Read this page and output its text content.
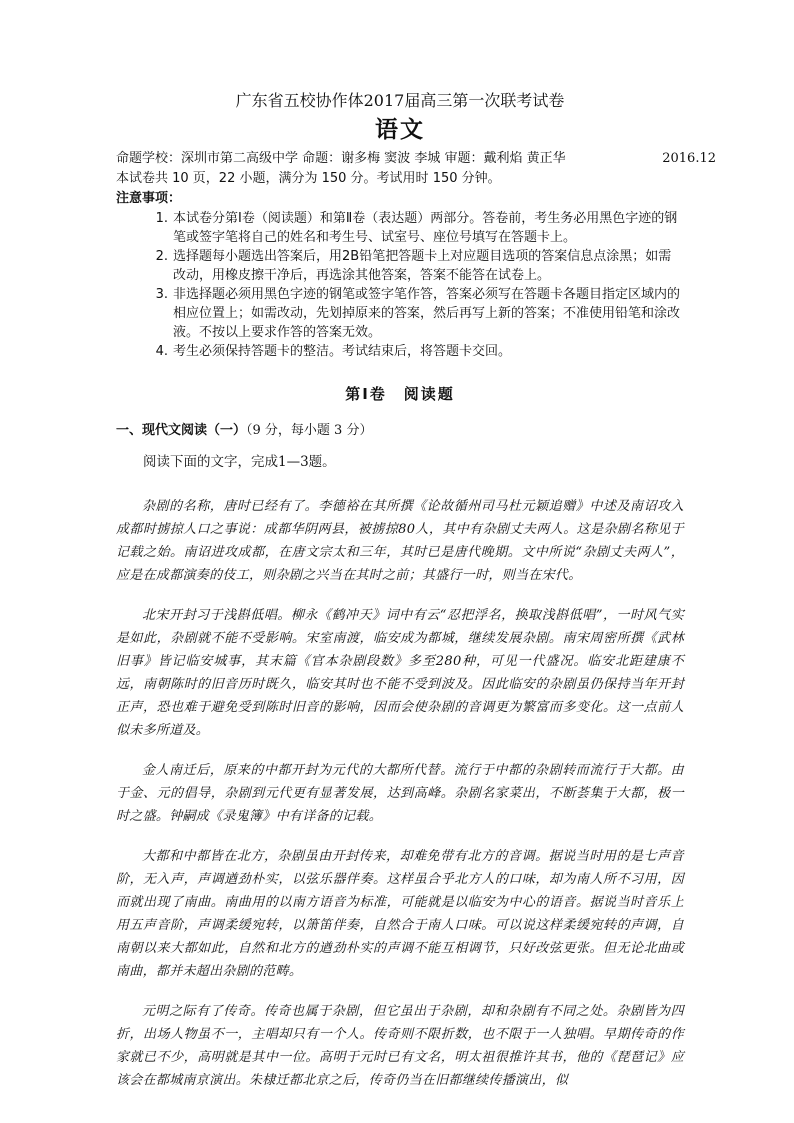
广东省五校协作体2017届高三第一次联考试卷

语文

命题学校：深圳市第二高级中学 命题：谢多梅 窦波 李城 审题：戴利焰 黄正华	2016.12

本试卷共 10 页，22 小题，满分为 150 分。考试用时 150 分钟。

注意事项：

1. 本试卷分第Ⅰ卷（阅读题）和第Ⅱ卷（表达题）两部分。答卷前，考生务必用黑色字迹的钢笔或签字笔将自己的姓名和考生号、试室号、座位号填写在答题卡上。
2. 选择题每小题选出答案后，用2B铅笔把答题卡上对应题目选项的答案信息点涂黑；如需改动，用橡皮擦干净后，再选涂其他答案，答案不能答在试卷上。
3. 非选择题必须用黑色字迹的钢笔或签字笔作答，答案必须写在答题卡各题目指定区域内的相应位置上；如需改动，先划掉原来的答案，然后再写上新的答案；不准使用铅笔和涂改液。不按以上要求作答的答案无效。
4. 考生必须保持答题卡的整洁。考试结束后，将答题卡交回。

第Ⅰ卷　阅读题

一、现代文阅读（一）（9 分，每小题 3 分）

阅读下面的文字，完成1—3题。

杂剧的名称，唐时已经有了。李德裕在其所撰《论故循州司马杜元颖追赠》中述及南诏攻入成都时掳掠人口之事说：成都华阴两县，被掳掠80人，其中有杂剧丈夫两人。这是杂剧名称见于记载之始。南诏进攻成都，在唐文宗太和三年，其时已是唐代晚期。文中所说“杂剧丈夫两人”，应是在成都演奏的伎工，则杂剧之兴当在其时之前；其盛行一时，则当在宋代。

北宋开封习于浅斟低唱。柳永《鹤冲天》词中有云“忍把浮名，换取浅斟低唱”，一时风气实是如此，杂剧就不能不受影响。宋室南渡，临安成为都城，继续发展杂剧。南宋周密所撰《武林旧事》皆记临安城事，其末篇《官本杂剧段数》多至280种，可见一代盛况。临安北距建康不远，南朝陈时的旧音历时既久，临安其时也不能不受到波及。因此临安的杂剧虽仍保持当年开封正声，恐也难于避免受到陈时旧音的影响，因而会使杂剧的音调更为繁富而多变化。这一点前人似未多所道及。

金人南迁后，原来的中都开封为元代的大都所代替。流行于中都的杂剧转而流行于大都。由于金、元的倡导，杂剧到元代更有显著发展，达到高峰。杂剧名家菜出，不断荟集于大都，极一时之盛。钟嗣成《录鬼簿》中有详备的记载。

大都和中都皆在北方，杂剧虽由开封传来，却难免带有北方的音调。据说当时用的是七声音阶，无入声，声调遒劲朴实，以弦乐器伴奏。这样虽合乎北方人的口味，却为南人所不习用，因而就出现了南曲。南曲用的以南方语音为标准，可能就是以临安为中心的语音。据说当时音乐上用五声音阶，声调柔缓宛转，以箫笛伴奏，自然合于南人口味。可以说这样柔缓宛转的声调，自南朝以来大都如此，自然和北方的遒劲朴实的声调不能互相调节，只好改弦更张。但无论北曲或南曲，都并未超出杂剧的范畴。

元明之际有了传奇。传奇也属于杂剧，但它虽出于杂剧，却和杂剧有不同之处。杂剧皆为四折，出场人物虽不一，主唱却只有一个人。传奇则不限折数，也不限于一人独唱。早期传奇的作家就已不少，高明就是其中一位。高明于元时已有文名，明太祖很推许其书，他的《琵琶记》应该会在都城南京演出。朱棣迁都北京之后，传奇仍当在旧都继续传播演出，似
